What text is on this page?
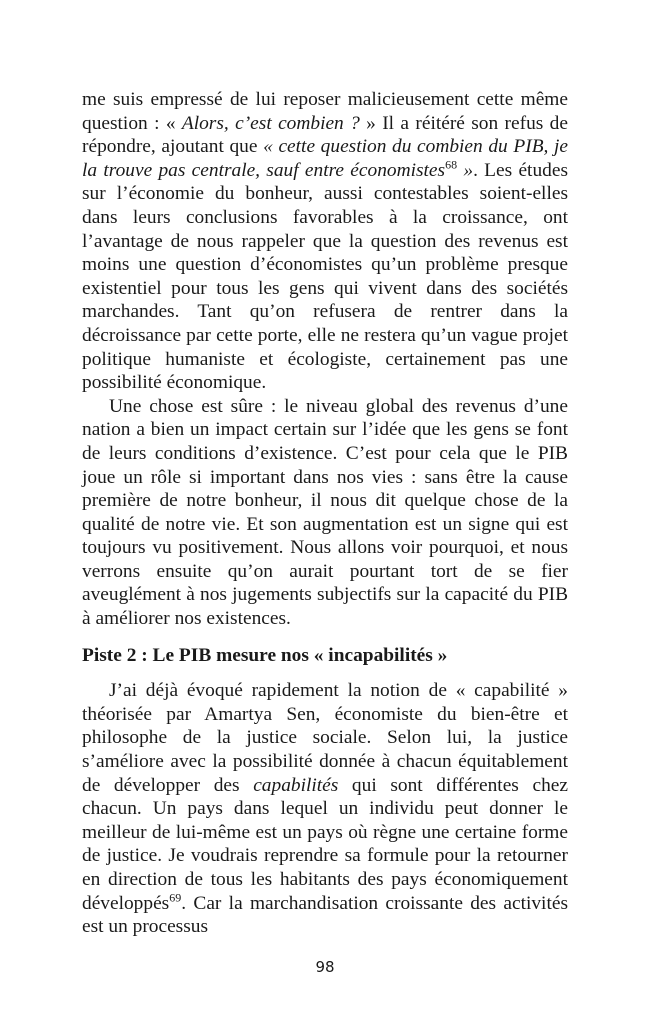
me suis empressé de lui reposer malicieusement cette même question : « Alors, c’est combien ? » Il a réitéré son refus de répondre, ajoutant que « cette question du combien du PIB, je la trouve pas centrale, sauf entre économistes$^{68}$ ». Les études sur l’économie du bonheur, aussi contestables soient-elles dans leurs conclusions favorables à la croissance, ont l’avantage de nous rappeler que la question des revenus est moins une question d’économistes qu’un problème presque existentiel pour tous les gens qui vivent dans des sociétés marchandes. Tant qu’on refusera de rentrer dans la décroissance par cette porte, elle ne restera qu’un vague projet politique humaniste et écologiste, certainement pas une possibilité économique.

Une chose est sûre : le niveau global des revenus d’une nation a bien un impact certain sur l’idée que les gens se font de leurs conditions d’existence. C’est pour cela que le PIB joue un rôle si important dans nos vies : sans être la cause première de notre bonheur, il nous dit quelque chose de la qualité de notre vie. Et son augmentation est un signe qui est toujours vu positivement. Nous allons voir pourquoi, et nous verrons ensuite qu’on aurait pourtant tort de se fier aveuglément à nos jugements subjectifs sur la capacité du PIB à améliorer nos existences.

Piste 2 : Le PIB mesure nos « incapabilités »

J’ai déjà évoqué rapidement la notion de « capabilité » théorisée par Amartya Sen, économiste du bien-être et philosophe de la justice sociale. Selon lui, la justice s’améliore avec la possibilité donnée à chacun équitablement de développer des capabilités qui sont différentes chez chacun. Un pays dans lequel un individu peut donner le meilleur de lui-même est un pays où règne une certaine forme de justice. Je voudrais reprendre sa formule pour la retourner en direction de tous les habitants des pays économiquement développés$^{69}$. Car la marchandisation croissante des activités est un processus

98
